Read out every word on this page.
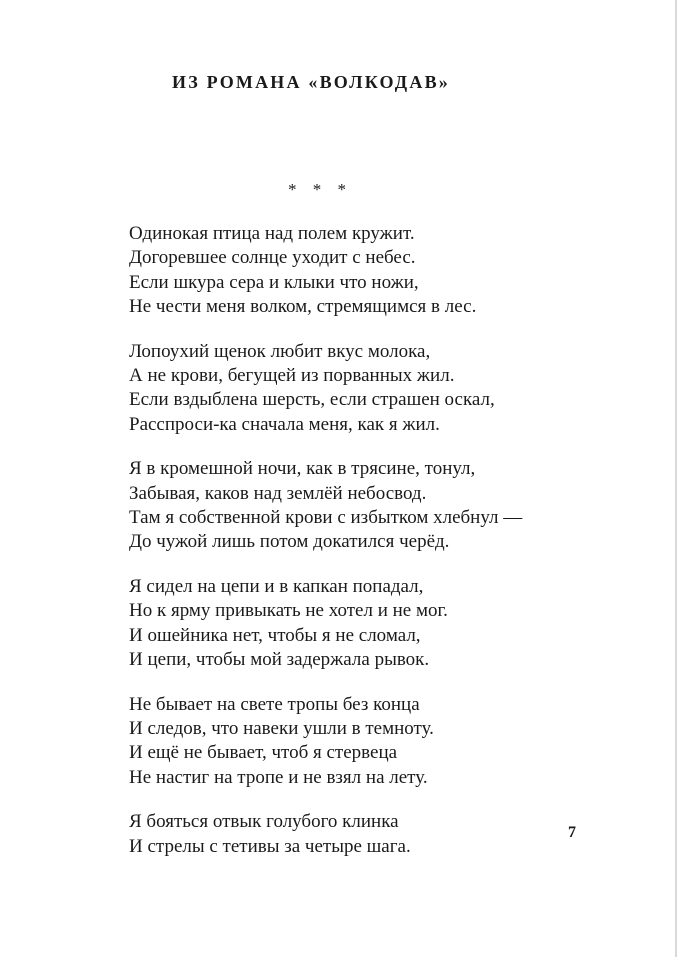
ИЗ РОМАНА «ВОЛКОДАВ»
* * *
Одинокая птица над полем кружит.
Догоревшее солнце уходит с небес.
Если шкура сера и клыки что ножи,
Не чести меня волком, стремящимся в лес.
Лопоухий щенок любит вкус молока,
А не крови, бегущей из порванных жил.
Если вздыблена шерсть, если страшен оскал,
Расспроси-ка сначала меня, как я жил.
Я в кромешной ночи, как в трясине, тонул,
Забывая, каков над землёй небосвод.
Там я собственной крови с избытком хлебнул —
До чужой лишь потом докатился черёд.
Я сидел на цепи и в капкан попадал,
Но к ярму привыкать не хотел и не мог.
И ошейника нет, чтобы я не сломал,
И цепи, чтобы мой задержала рывок.
Не бывает на свете тропы без конца
И следов, что навеки ушли в темноту.
И ещё не бывает, чтоб я стервеца
Не настиг на тропе и не взял на лету.
Я бояться отвык голубого клинка
И стрелы с тетивы за четыре шага.
7
